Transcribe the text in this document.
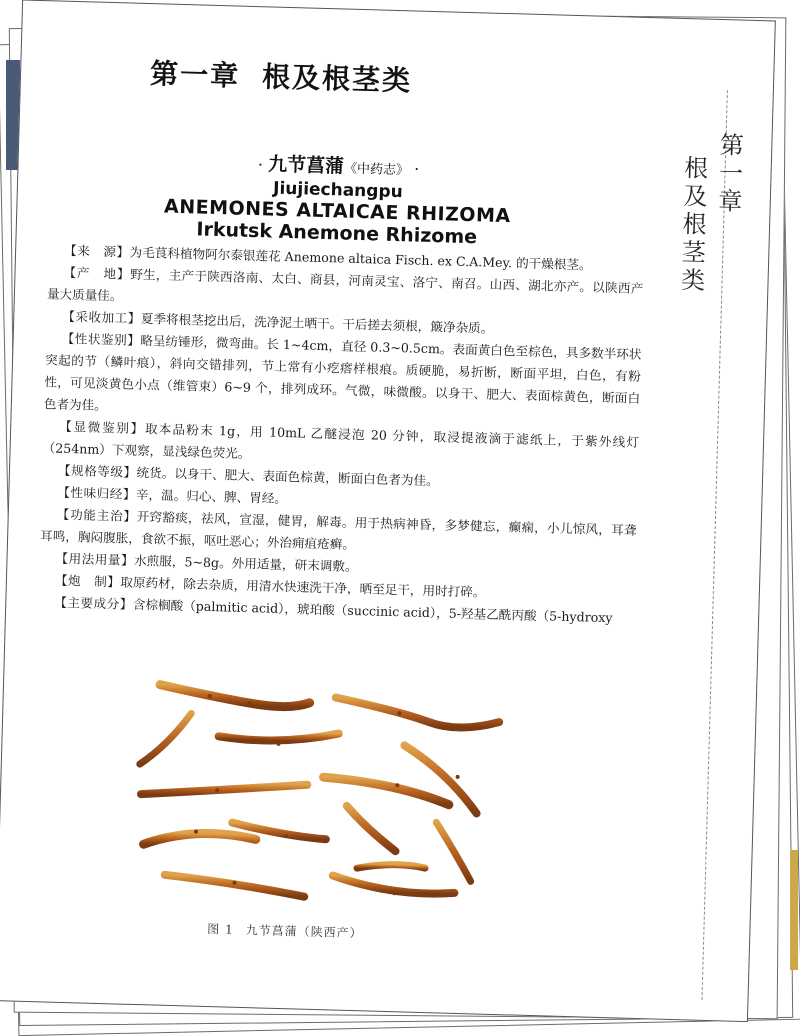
第一章 根及根茎类
第一章
根及根茎类
· 九节菖蒲《中药志》 ·
Jiujiechangpu
ANEMONES ALTAICAE RHIZOMA
Irkutsk Anemone Rhizome

【来　源】为毛茛科植物阿尔泰银莲花 Anemone altaica Fisch. ex C.A.Mey. 的干燥根茎。

【产　地】野生，主产于陕西洛南、太白、商县，河南灵宝、洛宁、南召。山西、湖北亦产。以陕西产量大质量佳。

【采收加工】夏季将根茎挖出后，洗净泥土晒干。干后搓去须根，簸净杂质。

【性状鉴别】略呈纺锤形，微弯曲。长 1~4cm，直径 0.3~0.5cm。表面黄白色至棕色，具多数半环状突起的节（鳞叶痕），斜向交错排列，节上常有小疙瘩样根痕。质硬脆，易折断，断面平坦，白色，有粉性，可见淡黄色小点（维管束）6~9 个，排列成环。气微，味微酸。以身干、肥大、表面棕黄色，断面白色者为佳。

【显微鉴别】取本品粉末 1g，用 10mL 乙醚浸泡 20 分钟，取浸提液滴于滤纸上，于紫外线灯（254nm）下观察，显浅绿色荧光。

【规格等级】统货。以身干、肥大、表面色棕黄，断面白色者为佳。

【性味归经】辛，温。归心、脾、胃经。

【功能主治】开窍豁痰，祛风，宣湿，健胃，解毒。用于热病神昏，多梦健忘，癫痫，小儿惊风，耳聋耳鸣，胸闷腹胀，食欲不振，呕吐恶心；外治痈疽疮癣。

【用法用量】水煎服，5~8g。外用适量，研末调敷。

【炮　制】取原药材，除去杂质，用清水快速洗干净，晒至足干，用时打碎。

【主要成分】含棕榈酸（palmitic acid），琥珀酸（succinic acid），5-羟基乙酰丙酸（5-hydroxy

图 1 九节菖蒲（陕西产）
